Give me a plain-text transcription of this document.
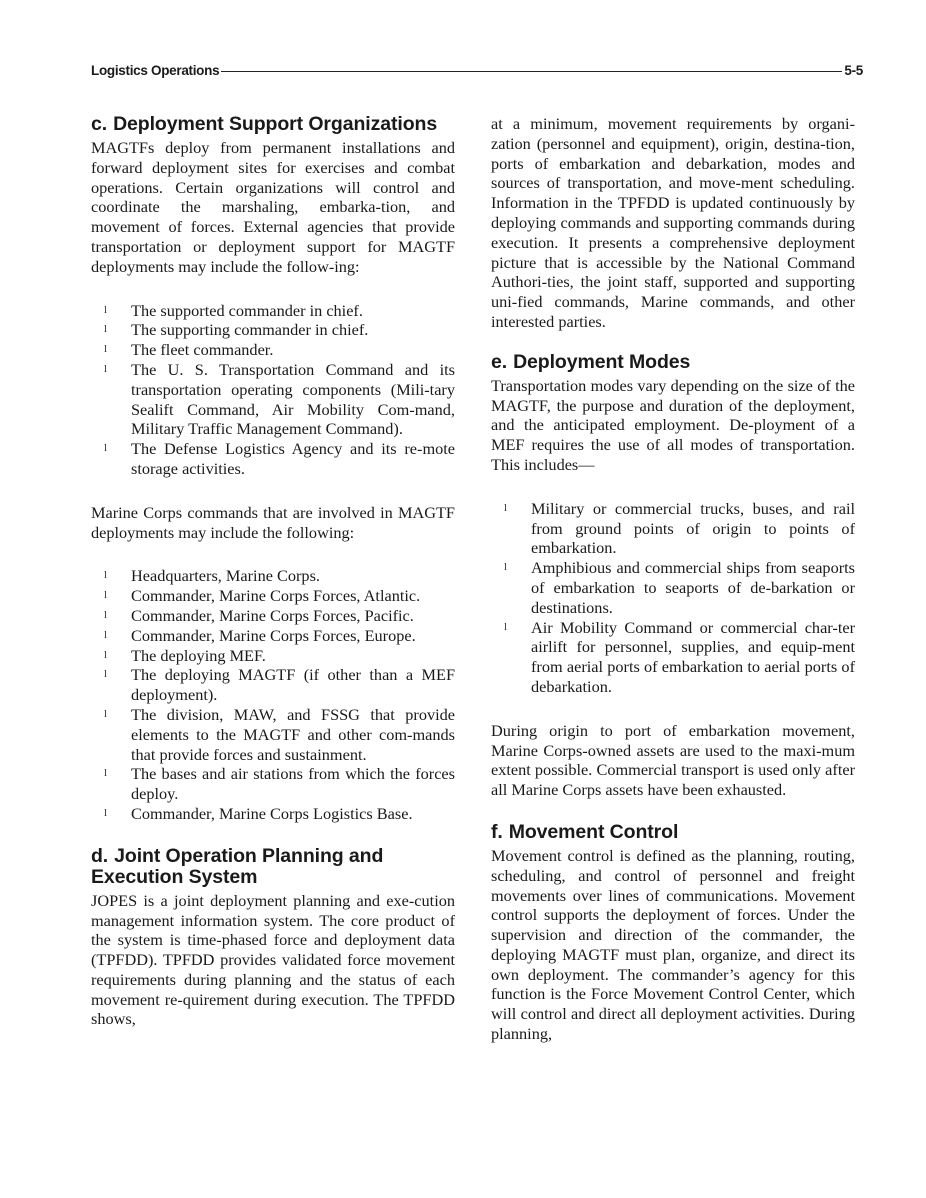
Logistics Operations	5-5
c. Deployment Support Organizations

MAGTFs deploy from permanent installations and forward deployment sites for exercises and combat operations. Certain organizations will control and coordinate the marshaling, embarka-tion, and movement of forces. External agencies that provide transportation or deployment support for MAGTF deployments may include the follow-ing:

l The supported commander in chief.
l The supporting commander in chief.
l The fleet commander.
l The U. S. Transportation Command and its transportation operating components (Mili-tary Sealift Command, Air Mobility Com-mand, Military Traffic Management Command).
l The Defense Logistics Agency and its re-mote storage activities.

Marine Corps commands that are involved in MAGTF deployments may include the following:

l Headquarters, Marine Corps.
l Commander, Marine Corps Forces, Atlantic.
l Commander, Marine Corps Forces, Pacific.
l Commander, Marine Corps Forces, Europe.
l The deploying MEF.
l The deploying MAGTF (if other than a MEF deployment).
l The division, MAW, and FSSG that provide elements to the MAGTF and other com-mands that provide forces and sustainment.
l The bases and air stations from which the forces deploy.
l Commander, Marine Corps Logistics Base.
d. Joint Operation Planning and Execution System

JOPES is a joint deployment planning and exe-cution management information system. The core product of the system is time-phased force and deployment data (TPFDD). TPFDD provides validated force movement requirements during planning and the status of each movement re-quirement during execution. The TPFDD shows,

at a minimum, movement requirements by organi-zation (personnel and equipment), origin, destina-tion, ports of embarkation and debarkation, modes and sources of transportation, and move-ment scheduling. Information in the TPFDD is updated continuously by deploying commands and supporting commands during execution. It presents a comprehensive deployment picture that is accessible by the National Command Authori-ties, the joint staff, supported and supporting uni-fied commands, Marine commands, and other interested parties.

e. Deployment Modes

Transportation modes vary depending on the size of the MAGTF, the purpose and duration of the deployment, and the anticipated employment. De-ployment of a MEF requires the use of all modes of transportation. This includes—

l Military or commercial trucks, buses, and rail from ground points of origin to points of embarkation.
l Amphibious and commercial ships from seaports of embarkation to seaports of de-barkation or destinations.
l Air Mobility Command or commercial char-ter airlift for personnel, supplies, and equip-ment from aerial ports of embarkation to aerial ports of debarkation.

During origin to port of embarkation movement, Marine Corps-owned assets are used to the maxi-mum extent possible. Commercial transport is used only after all Marine Corps assets have been exhausted.

f. Movement Control

Movement control is defined as the planning, routing, scheduling, and control of personnel and freight movements over lines of communications. Movement control supports the deployment of forces. Under the supervision and direction of the commander, the deploying MAGTF must plan, organize, and direct its own deployment. The commander’s agency for this function is the Force Movement Control Center, which will control and direct all deployment activities. During planning,
